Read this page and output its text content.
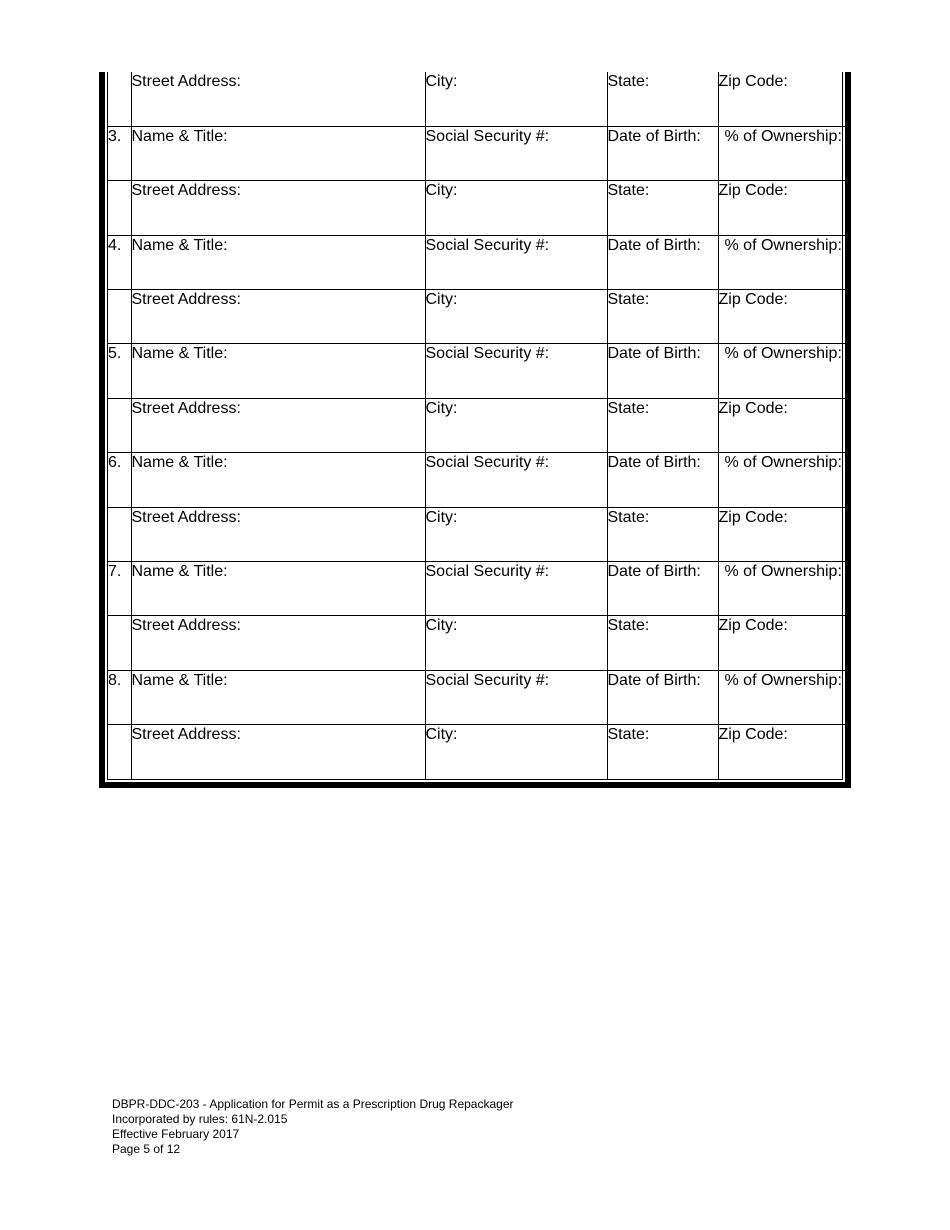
	Street Address:	City:	State:	Zip Code:
3.	Name & Title:	Social Security #:	Date of Birth:	% of Ownership:
	Street Address:	City:	State:	Zip Code:
4.	Name & Title:	Social Security #:	Date of Birth:	% of Ownership:
	Street Address:	City:	State:	Zip Code:
5.	Name & Title:	Social Security #:	Date of Birth:	% of Ownership:
	Street Address:	City:	State:	Zip Code:
6.	Name & Title:	Social Security #:	Date of Birth:	% of Ownership:
	Street Address:	City:	State:	Zip Code:
7.	Name & Title:	Social Security #:	Date of Birth:	% of Ownership:
	Street Address:	City:	State:	Zip Code:
8.	Name & Title:	Social Security #:	Date of Birth:	% of Ownership:
	Street Address:	City:	State:	Zip Code:
DBPR-DDC-203 - Application for Permit as a Prescription Drug Repackager
Incorporated by rules: 61N-2.015
Effective February 2017
Page 5 of 12
